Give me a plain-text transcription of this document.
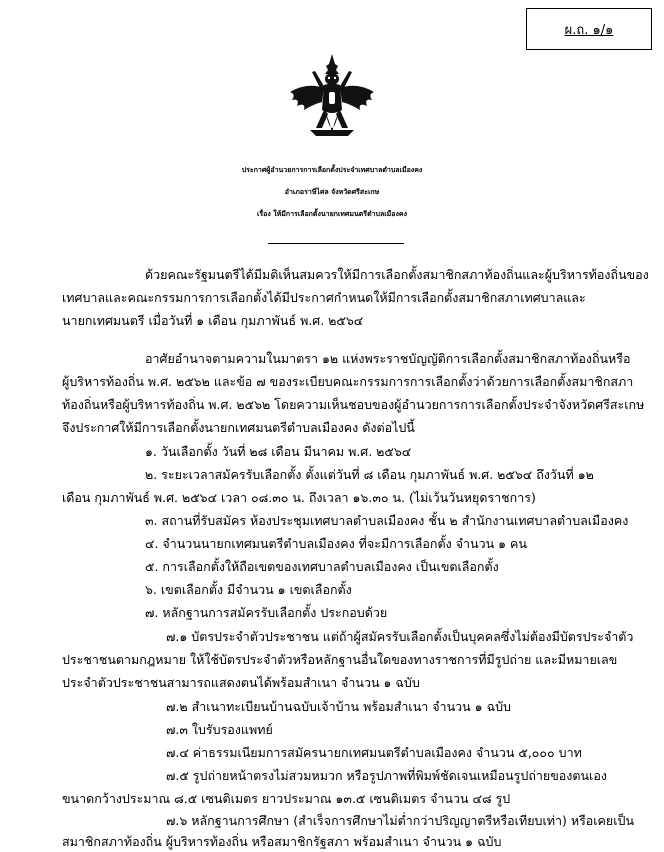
ผ.ถ. ๑/๑
ประกาศผู้อำนวยการการเลือกตั้งประจำเทศบาลตำบลเมืองคง
อำเภอราษีไศล จังหวัดศรีสะเกษ
เรื่อง ให้มีการเลือกตั้งนายกเทศมนตรีตำบลเมืองคง
ด้วยคณะรัฐมนตรีได้มีมติเห็นสมควรให้มีการเลือกตั้งสมาชิกสภาท้องถิ่นและผู้บริหารท้องถิ่นของ
เทศบาลและคณะกรรมการการเลือกตั้งได้มีประกาศกำหนดให้มีการเลือกตั้งสมาชิกสภาเทศบาลและ
นายกเทศมนตรี เมื่อวันที่ ๑ เดือน กุมภาพันธ์ พ.ศ. ๒๕๖๔
อาศัยอำนาจตามความในมาตรา ๑๒ แห่งพระราชบัญญัติการเลือกตั้งสมาชิกสภาท้องถิ่นหรือ
ผู้บริหารท้องถิ่น พ.ศ. ๒๕๖๒ และข้อ ๗ ของระเบียบคณะกรรมการการเลือกตั้งว่าด้วยการเลือกตั้งสมาชิกสภา
ท้องถิ่นหรือผู้บริหารท้องถิ่น พ.ศ. ๒๕๖๒ โดยความเห็นชอบของผู้อำนวยการการเลือกตั้งประจำจังหวัดศรีสะเกษ
จึงประกาศให้มีการเลือกตั้งนายกเทศมนตรีตำบลเมืองคง ดังต่อไปนี้
๑. วันเลือกตั้ง วันที่ ๒๘ เดือน มีนาคม พ.ศ. ๒๕๖๔
๒. ระยะเวลาสมัครรับเลือกตั้ง ตั้งแต่วันที่ ๘ เดือน กุมภาพันธ์ พ.ศ. ๒๕๖๔ ถึงวันที่ ๑๒
เดือน กุมภาพันธ์ พ.ศ. ๒๕๖๔ เวลา ๐๘.๓๐ น. ถึงเวลา ๑๖.๓๐ น. (ไม่เว้นวันหยุดราชการ)
๓. สถานที่รับสมัคร ห้องประชุมเทศบาลตำบลเมืองคง ชั้น ๒ สำนักงานเทศบาลตำบลเมืองคง
๔. จำนวนนายกเทศมนตรีตำบลเมืองคง ที่จะมีการเลือกตั้ง จำนวน ๑ คน
๕. การเลือกตั้งให้ถือเขตของเทศบาลตำบลเมืองคง เป็นเขตเลือกตั้ง
๖. เขตเลือกตั้ง มีจำนวน ๑ เขตเลือกตั้ง
๗. หลักฐานการสมัครรับเลือกตั้ง ประกอบด้วย
๗.๑ บัตรประจำตัวประชาชน แต่ถ้าผู้สมัครรับเลือกตั้งเป็นบุคคลซึ่งไม่ต้องมีบัตรประจำตัว
ประชาชนตามกฎหมาย ให้ใช้บัตรประจำตัวหรือหลักฐานอื่นใดของทางราชการที่มีรูปถ่าย และมีหมายเลข
ประจำตัวประชาชนสามารถแสดงตนได้พร้อมสำเนา จำนวน ๑ ฉบับ
๗.๒ สำเนาทะเบียนบ้านฉบับเจ้าบ้าน พร้อมสำเนา จำนวน ๑ ฉบับ
๗.๓ ใบรับรองแพทย์
๗.๔ ค่าธรรมเนียมการสมัครนายกเทศมนตรีตำบลเมืองคง จำนวน ๕,๐๐๐ บาท
๗.๕ รูปถ่ายหน้าตรงไม่สวมหมวก หรือรูปภาพที่พิมพ์ชัดเจนเหมือนรูปถ่ายของตนเอง
ขนาดกว้างประมาณ ๘.๕ เซนติเมตร ยาวประมาณ ๑๓.๕ เซนติเมตร จำนวน ๔๘ รูป
๗.๖ หลักฐานการศึกษา (สำเร็จการศึกษาไม่ต่ำกว่าปริญญาตรีหรือเทียบเท่า) หรือเคยเป็น
สมาชิกสภาท้องถิ่น ผู้บริหารท้องถิ่น หรือสมาชิกรัฐสภา พร้อมสำเนา จำนวน ๑ ฉบับ
